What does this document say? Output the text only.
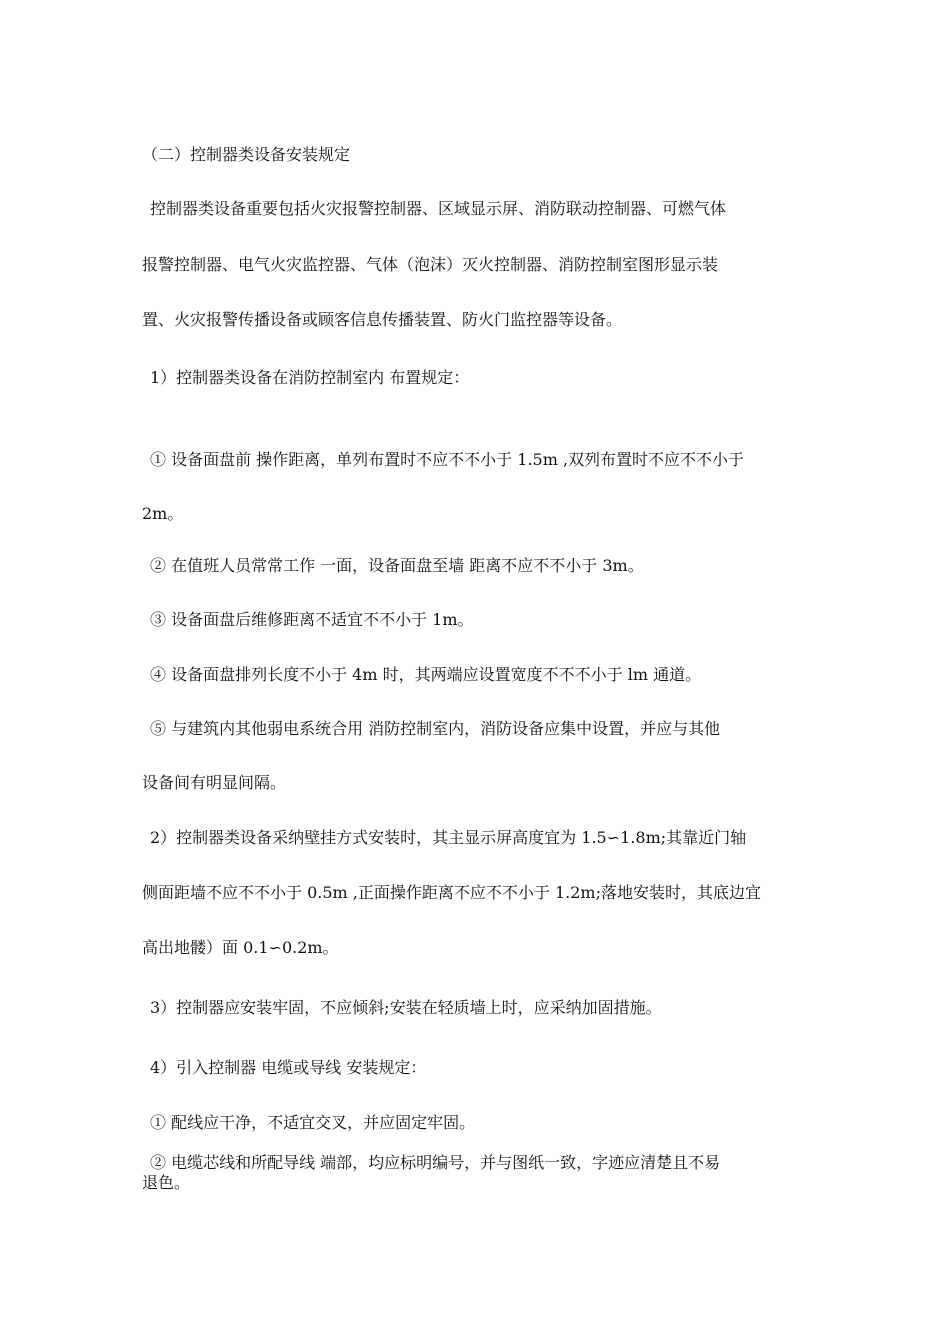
（二）控制器类设备安装规定
控制器类设备重要包括火灾报警控制器、区域显示屏、消防联动控制器、可燃气体
报警控制器、电气火灾监控器、气体（泡沫）灭火控制器、消防控制室图形显示装
置、火灾报警传播设备或顾客信息传播装置、防火门监控器等设备。
1）控制器类设备在消防控制室内 布置规定：
① 设备面盘前 操作距离，单列布置时不应不不小于 1.5m ,双列布置时不应不不小于
2m。
② 在值班人员常常工作 一面，设备面盘至墙 距离不应不不小于 3m。
③ 设备面盘后维修距离不适宜不不小于 1m。
④ 设备面盘排列长度不小于 4m 时，其两端应设置宽度不不不小于 lm 通道。
⑤ 与建筑内其他弱电系统合用 消防控制室内，消防设备应集中设置，并应与其他
设备间有明显间隔。
2）控制器类设备采纳壁挂方式安装时，其主显示屏高度宜为 1.5∽1.8m;其靠近门轴
侧面距墙不应不不小于 0.5m ,正面操作距离不应不不小于 1.2m;落地安装时，其底边宜
高出地髅）面 0.1∽0.2m。
3）控制器应安装牢固，不应倾斜;安装在轻质墙上时，应采纳加固措施。
4）引入控制器 电缆或导线 安装规定：
① 配线应干净，不适宜交叉，并应固定牢固。
② 电缆芯线和所配导线 端部，均应标明编号，并与图纸一致，字迹应清楚且不易
退色。
